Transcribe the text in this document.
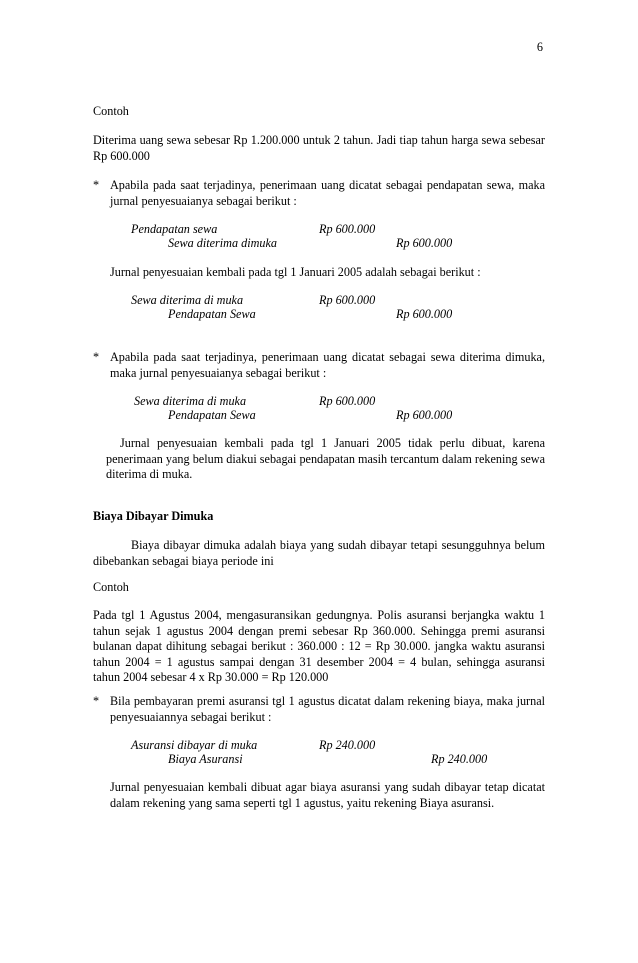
6

Contoh

Diterima uang sewa sebesar Rp 1.200.000 untuk 2 tahun. Jadi tiap tahun harga sewa sebesar Rp 600.000

* Apabila pada saat terjadinya, penerimaan uang dicatat sebagai pendapatan sewa, maka jurnal penyesuaianya sebagai berikut :

Pendapatan sewa	Rp 600.000
Sewa diterima dimuka	Rp 600.000

Jurnal penyesuaian kembali pada tgl 1 Januari 2005 adalah sebagai berikut :

Sewa diterima di muka	Rp 600.000
Pendapatan Sewa	Rp 600.000
* Apabila pada saat terjadinya, penerimaan uang dicatat sebagai sewa diterima dimuka, maka jurnal penyesuaianya sebagai berikut :

Sewa diterima di muka	Rp 600.000
Pendapatan Sewa	Rp 600.000

Jurnal penyesuaian kembali pada tgl 1 Januari 2005 tidak perlu dibuat, karena penerimaan yang belum diakui sebagai pendapatan masih tercantum dalam rekening sewa diterima di muka.

Biaya Dibayar Dimuka

Biaya dibayar dimuka adalah biaya yang sudah dibayar tetapi sesungguhnya belum dibebankan sebagai biaya periode ini

Contoh

Pada tgl 1 Agustus 2004, mengasuransikan gedungnya. Polis asuransi berjangka waktu 1 tahun sejak 1 agustus 2004 dengan premi sebesar Rp 360.000. Sehingga premi asuransi bulanan dapat dihitung sebagai berikut : 360.000 : 12 = Rp 30.000. jangka waktu asuransi tahun 2004 = 1 agustus sampai dengan 31 desember 2004 = 4 bulan, sehingga asuransi tahun 2004 sebesar 4 x Rp 30.000 = Rp 120.000

* Bila pembayaran premi asuransi tgl 1 agustus dicatat dalam rekening biaya, maka jurnal penyesuaiannya sebagai berikut :

Asuransi dibayar di muka	Rp 240.000
Biaya Asuransi	Rp 240.000

Jurnal penyesuaian kembali dibuat agar biaya asuransi yang sudah dibayar tetap dicatat dalam rekening yang sama seperti tgl 1 agustus, yaitu rekening Biaya asuransi.
